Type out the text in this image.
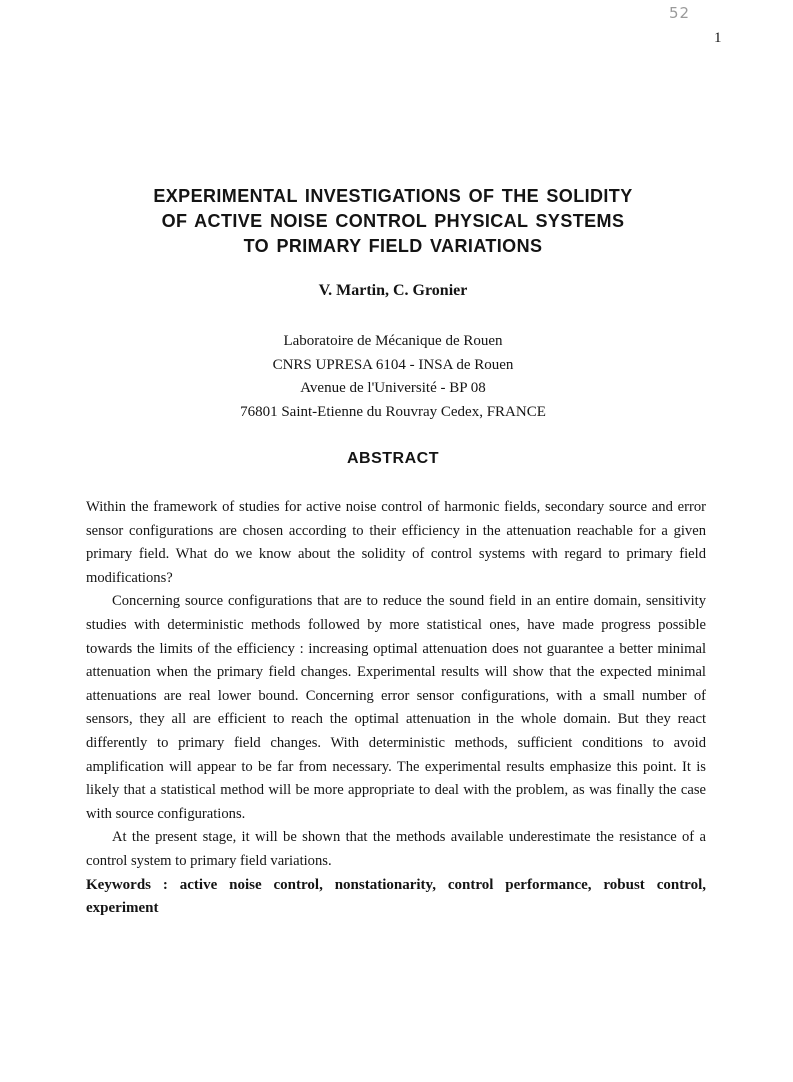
52
1
EXPERIMENTAL INVESTIGATIONS OF THE SOLIDITY
OF ACTIVE NOISE CONTROL PHYSICAL SYSTEMS
TO PRIMARY FIELD VARIATIONS

V. Martin, C. Gronier

Laboratoire de Mécanique de Rouen
CNRS UPRESA 6104 - INSA de Rouen
Avenue de l'Université - BP 08
76801 Saint-Etienne du Rouvray Cedex, FRANCE
ABSTRACT

Within the framework of studies for active noise control of harmonic fields, secondary source and error sensor configurations are chosen according to their efficiency in the attenuation reachable for a given primary field. What do we know about the solidity of control systems with regard to primary field modifications?

Concerning source configurations that are to reduce the sound field in an entire domain, sensitivity studies with deterministic methods followed by more statistical ones, have made progress possible towards the limits of the efficiency : increasing optimal attenuation does not guarantee a better minimal attenuation when the primary field changes. Experimental results will show that the expected minimal attenuations are real lower bound. Concerning error sensor configurations, with a small number of sensors, they all are efficient to reach the optimal attenuation in the whole domain. But they react differently to primary field changes. With deterministic methods, sufficient conditions to avoid amplification will appear to be far from necessary. The experimental results emphasize this point. It is likely that a statistical method will be more appropriate to deal with the problem, as was finally the case with source configurations.

At the present stage, it will be shown that the methods available underestimate the resistance of a control system to primary field variations.

Keywords : active noise control, nonstationarity, control performance, robust control, experiment
